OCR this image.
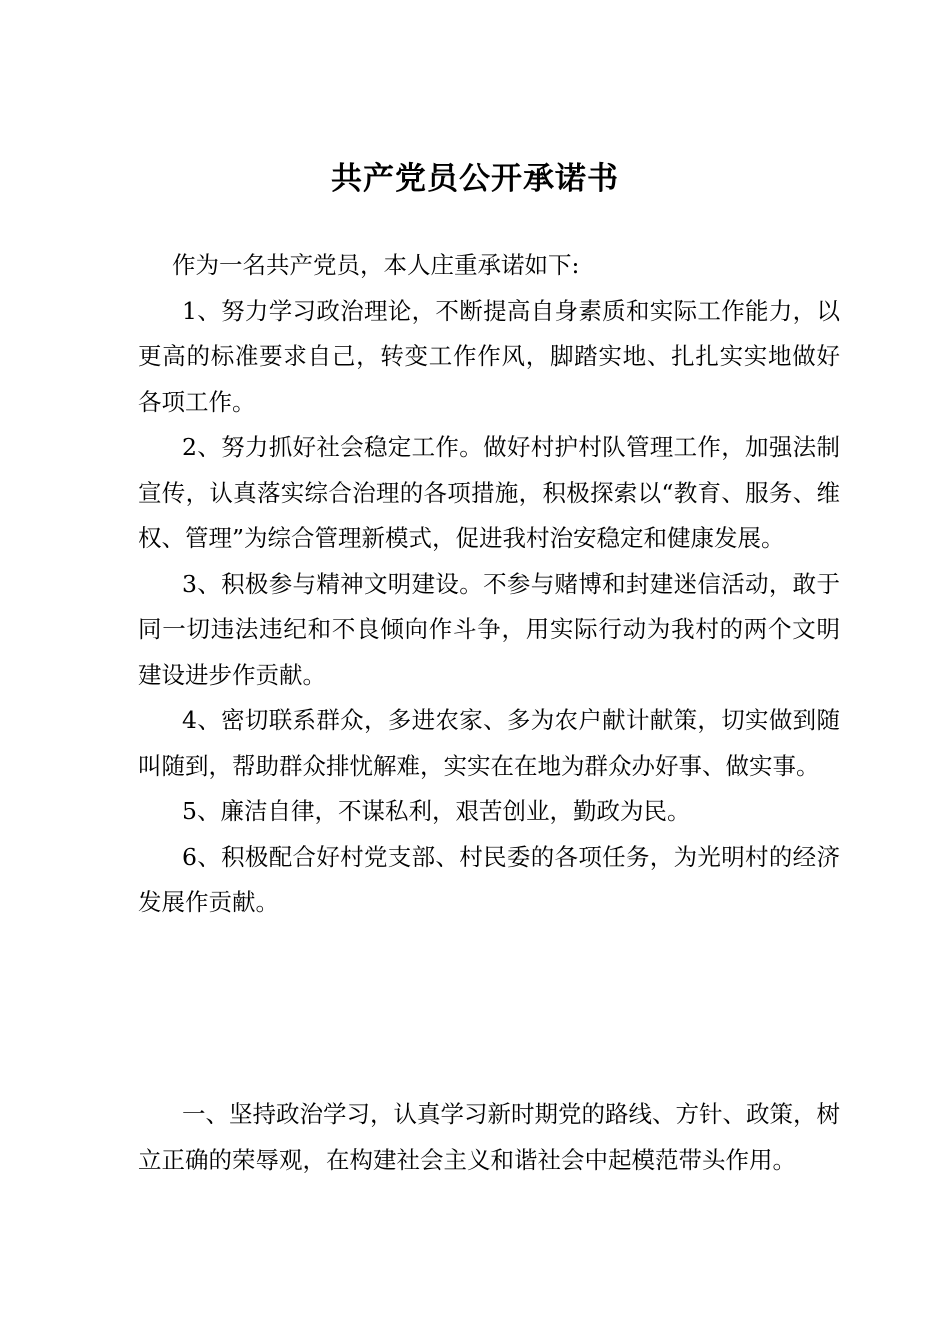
共产党员公开承诺书

作为一名共产党员，本人庄重承诺如下:

1、努力学习政治理论，不断提高自身素质和实际工作能力，以更高的标准要求自己，转变工作作风，脚踏实地、扎扎实实地做好各项工作。

2、努力抓好社会稳定工作。做好村护村队管理工作，加强法制宣传，认真落实综合治理的各项措施，积极探索以“教育、服务、维权、管理”为综合管理新模式，促进我村治安稳定和健康发展。

3、积极参与精神文明建设。不参与赌博和封建迷信活动，敢于同一切违法违纪和不良倾向作斗争，用实际行动为我村的两个文明建设进步作贡献。

4、密切联系群众，多进农家、多为农户献计献策，切实做到随叫随到，帮助群众排忧解难，实实在在地为群众办好事、做实事。

5、廉洁自律，不谋私利，艰苦创业，勤政为民。

6、积极配合好村党支部、村民委的各项任务，为光明村的经济发展作贡献。

一、坚持政治学习，认真学习新时期党的路线、方针、政策，树立正确的荣辱观，在构建社会主义和谐社会中起模范带头作用。
